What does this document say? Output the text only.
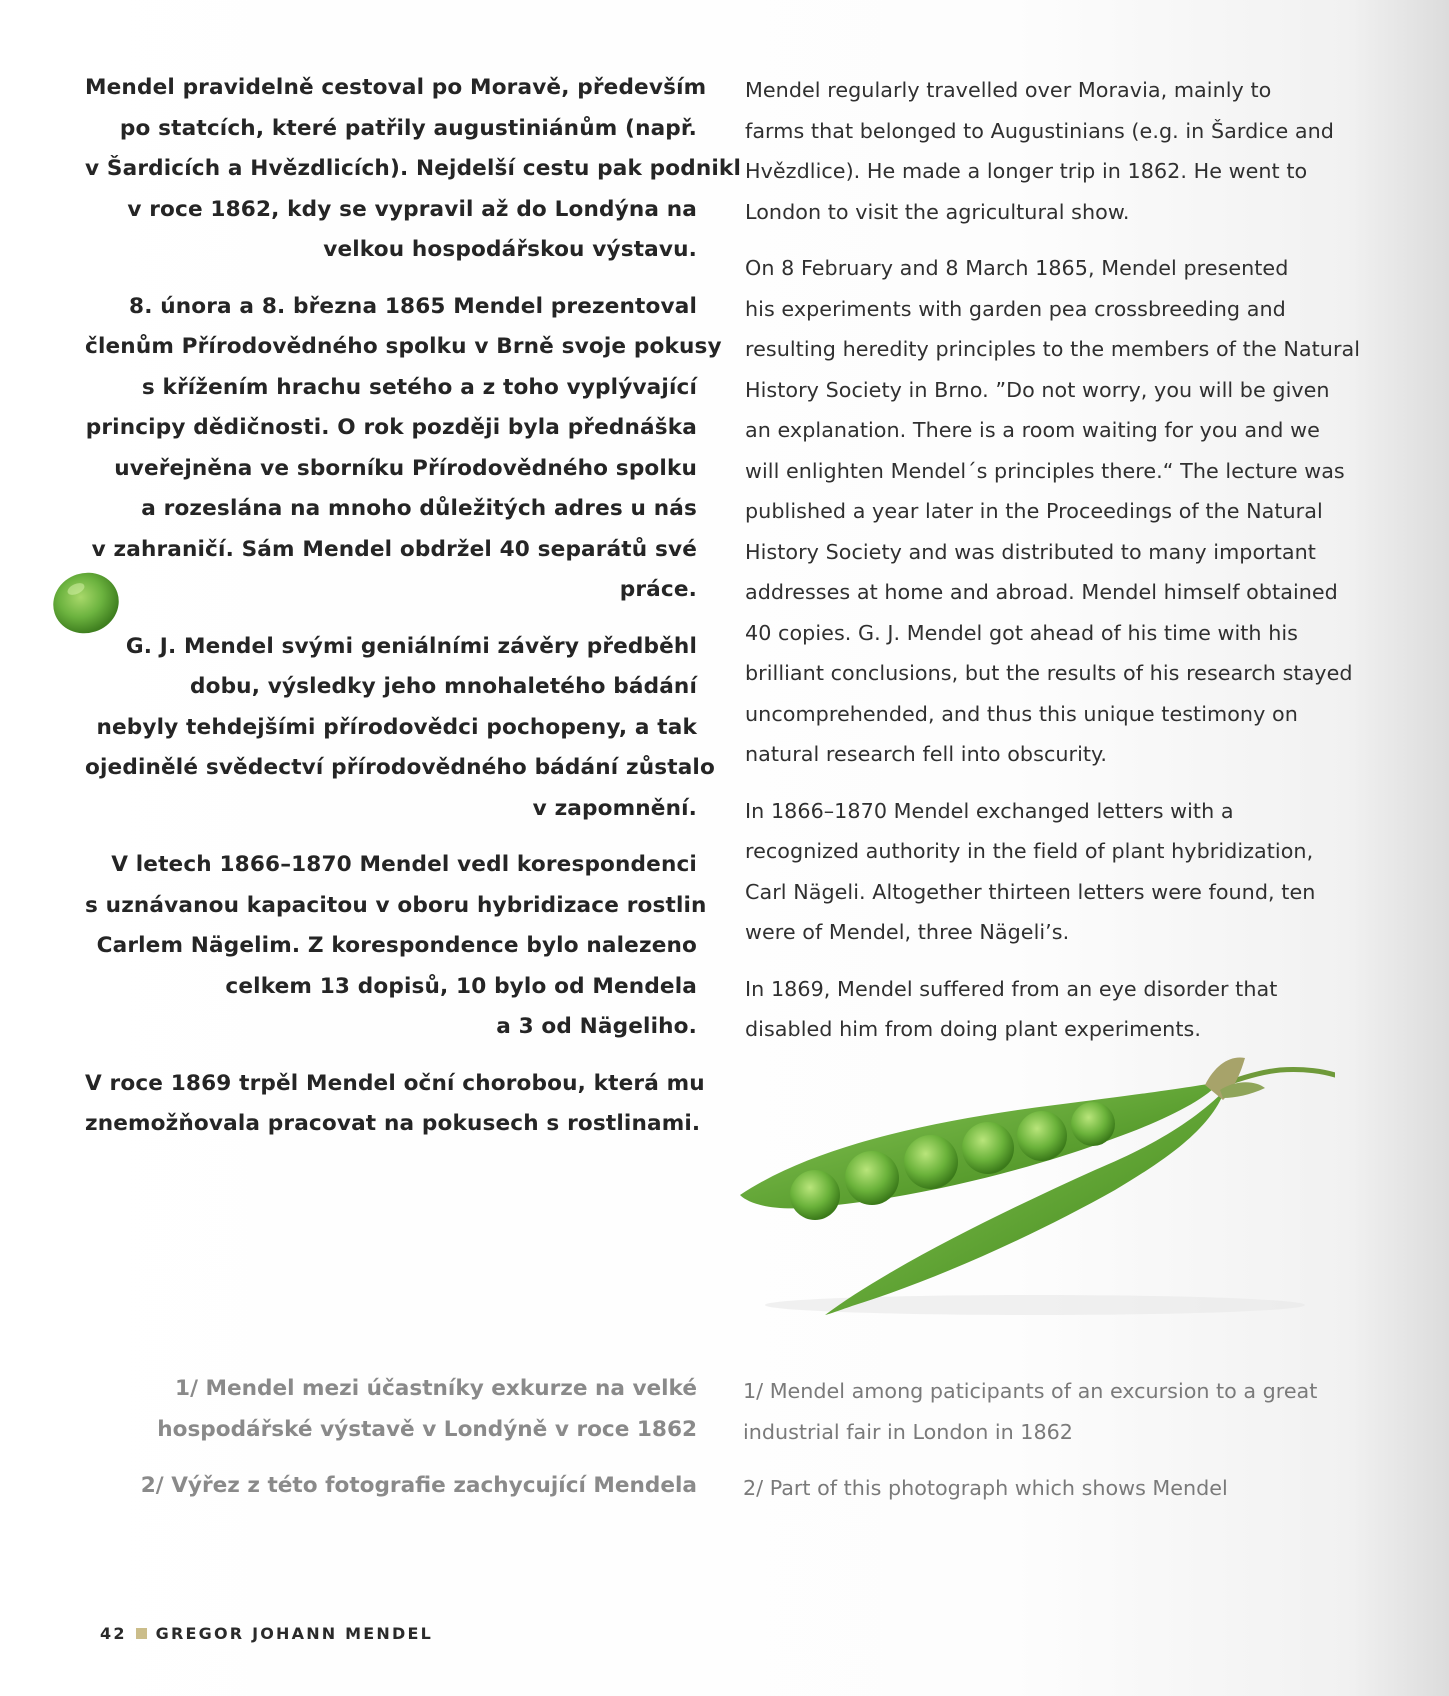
Mendel pravidelně cestoval po Moravě, především
po statcích, které patřily augustiniánům (např.
v Šardicích a Hvězdlicích). Nejdelší cestu pak podnikl
v roce 1862, kdy se vypravil až do Londýna na
velkou hospodářskou výstavu.

8. února a 8. března 1865 Mendel prezentoval
členům Přírodovědného spolku v Brně svoje pokusy
s křížením hrachu setého a z toho vyplývající
principy dědičnosti. O rok později byla přednáška
uveřejněna ve sborníku Přírodovědného spolku
a rozeslána na mnoho důležitých adres u nás
v zahraničí. Sám Mendel obdržel 40 separátů své
práce.

G. J. Mendel svými geniálními závěry předběhl
dobu, výsledky jeho mnohaletého bádání
nebyly tehdejšími přírodovědci pochopeny, a tak
ojedinělé svědectví přírodovědného bádání zůstalo
v zapomnění.

V letech 1866–1870 Mendel vedl korespondenci
s uznávanou kapacitou v oboru hybridizace rostlin
Carlem Nägelim. Z korespondence bylo nalezeno
celkem 13 dopisů, 10 bylo od Mendela
a 3 od Nägeliho.

V roce 1869 trpěl Mendel oční chorobou, která mu
znemožňovala pracovat na pokusech s rostlinami.

Mendel regularly travelled over Moravia, mainly to
farms that belonged to Augustinians (e.g. in Šardice and
Hvězdlice). He made a longer trip in 1862. He went to
London to visit the agricultural show.

On 8 February and 8 March 1865, Mendel presented
his experiments with garden pea crossbreeding and
resulting heredity principles to the members of the Natural
History Society in Brno. ”Do not worry, you will be given
an explanation. There is a room waiting for you and we
will enlighten Mendel´s principles there.“ The lecture was
published a year later in the Proceedings of the Natural
History Society and was distributed to many important
addresses at home and abroad. Mendel himself obtained
40 copies. G. J. Mendel got ahead of his time with his
brilliant conclusions, but the results of his research stayed
uncomprehended, and thus this unique testimony on
natural research fell into obscurity.

In 1866–1870 Mendel exchanged letters with a
recognized authority in the field of plant hybridization,
Carl Nägeli. Altogether thirteen letters were found, ten
were of Mendel, three Nägeli’s.

In 1869, Mendel suffered from an eye disorder that
disabled him from doing plant experiments.

1/ Mendel mezi účastníky exkurze na velké
hospodářské výstavě v Londýně v roce 1862

2/ Výřez z této fotografie zachycující Mendela

1/ Mendel among paticipants of an excursion to a great
industrial fair in London in 1862

2/ Part of this photograph which shows Mendel

42 GREGOR JOHANN MENDEL
